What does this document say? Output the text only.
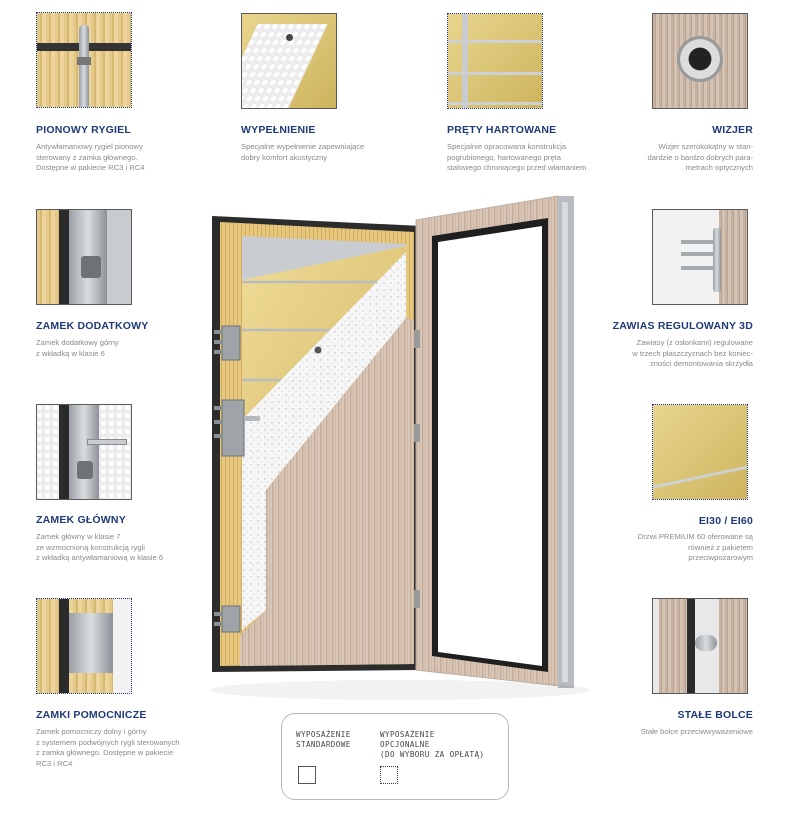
PIONOWY RYGIEL
Antywłamaniowy rygiel pionowy
sterowany z zamka głównego.
Dostępne w pakiecie RC3 i RC4
ZAMEK DODATKOWY
Zamek dodatkowy górny
z wkładką w klasie 6
ZAMEK GŁÓWNY
Zamek główny w klasie 7
ze wzmocnioną konstrukcją rygli
z wkładką antywłamaniową w klasie 6
ZAMKI POMOCNICZE
Zamek pomocniczy dolny i górny
z systemem podwójnych rygli sterowanych
z zamka głównego. Dostępne w pakiecie
RC3 i RC4
WYPEŁNIENIE
Specjalne wypełnienie zapewniające
dobry komfort akustyczny
PRĘTY HARTOWANE
Specjalnie opracowana konstrukcja
pogrubionego, hartowanego pręta
stalowego chroniącego przed włamaniem
WIZJER
Wizjer szerokokątny w stan-
dardzie o bardzo dobrych para-
metrach optycznych
ZAWIAS REGULOWANY 3D
Zawiasy (z osłonkami) regulowane
w trzech płaszczyznach bez koniec-
zności demontowania skrzydła
EI30 / EI60
Drzwi PREMIUM 60 oferowane są
również z pakietem
przeciwpożarowym
STAŁE BOLCE
Stałe bolce przeciwwyważeniowe
WYPOSAŻENIE
STANDARDOWE
WYPOSAŻENIE
OPCJONALNE
(DO WYBORU ZA OPŁATĄ)
